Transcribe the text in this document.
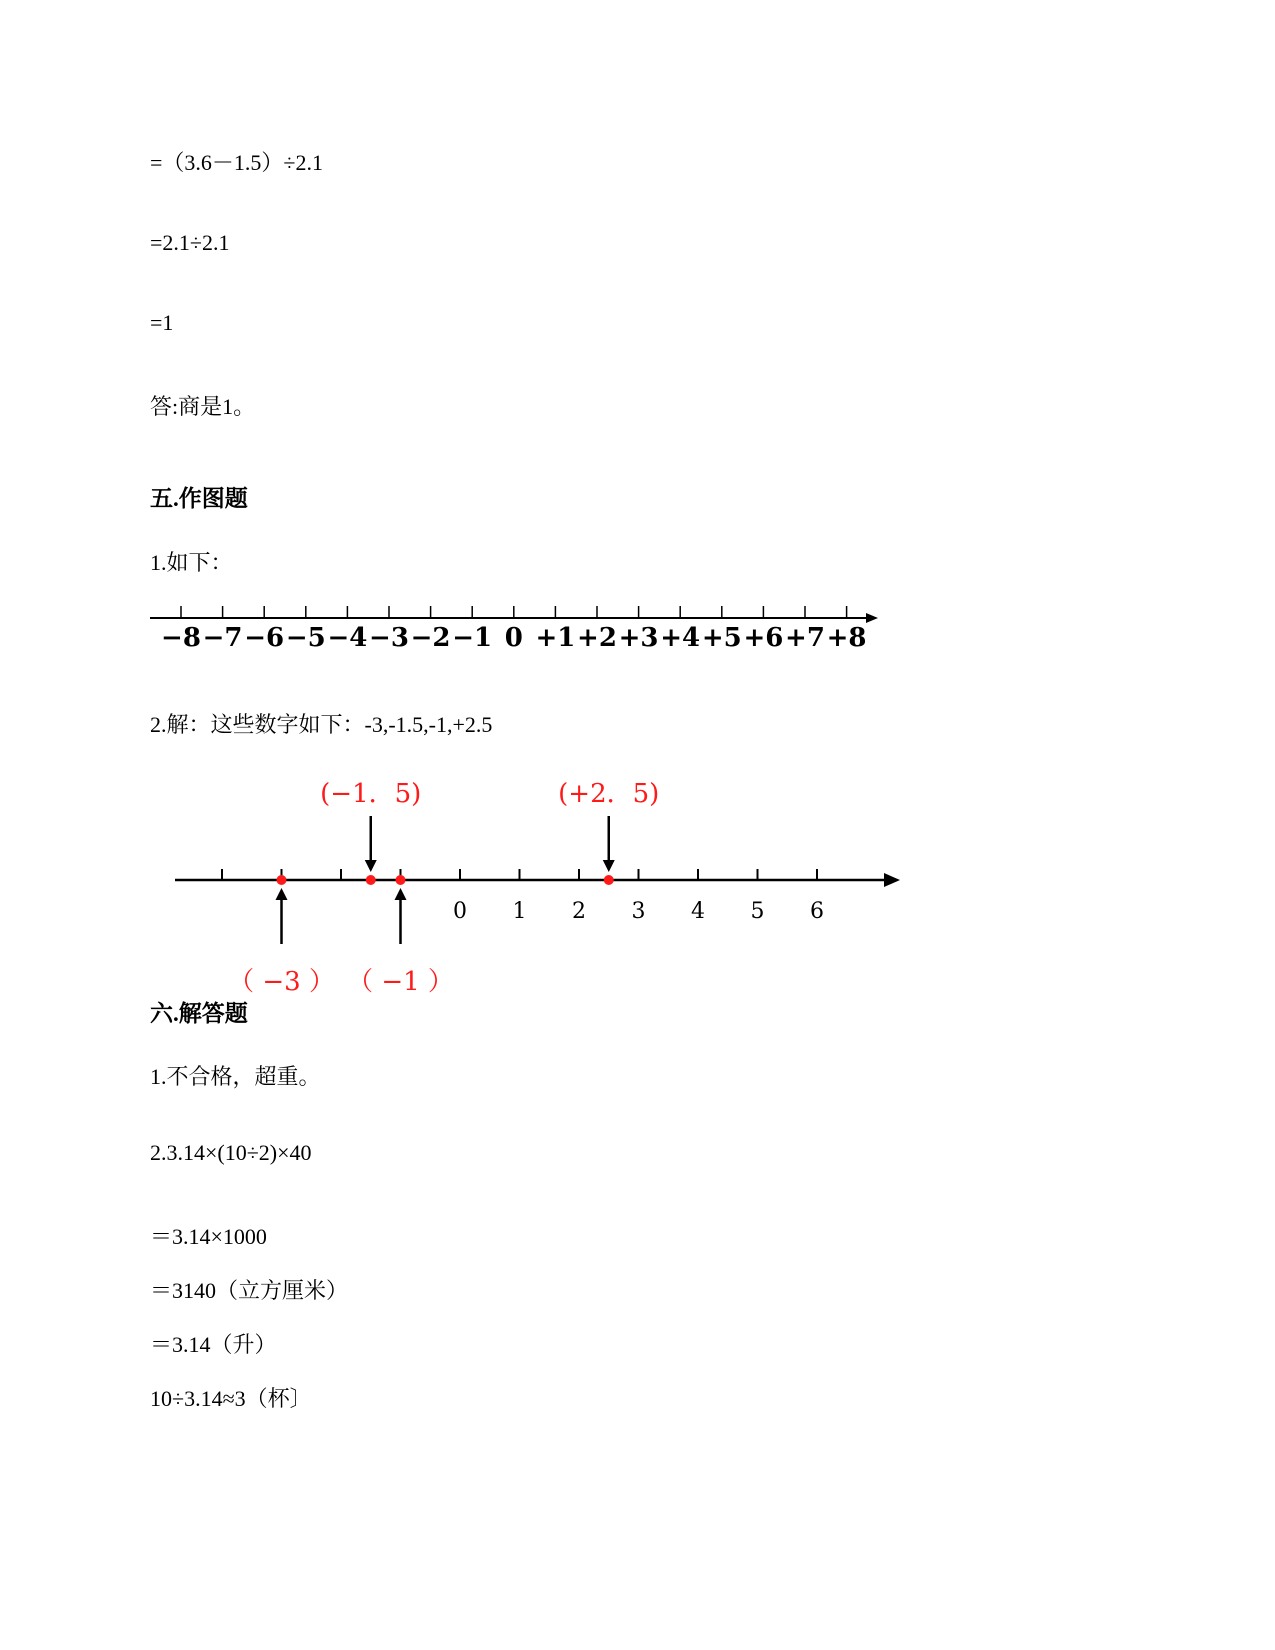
=（3.6－1.5）÷2.1
=2.1÷2.1
=1
答:商是1。
五.作图题
1.如下：
−8 −7 −6 −5 −4 −3 −2 −1 0 +1 +2 +3 +4 +5 +6 +7 +8
2.解：这些数字如下：-3,-1.5,-1,+2.5
0 1 2 3 4 5 6
（ −3 ）
(−1．5)
（ −1 ）
(+2．5)
六.解答题
1.不合格，超重。
2.3.14×(10÷2)×40
＝3.14×1000
＝3140（立方厘米）
＝3.14（升）
10÷3.14≈3（杯〕
